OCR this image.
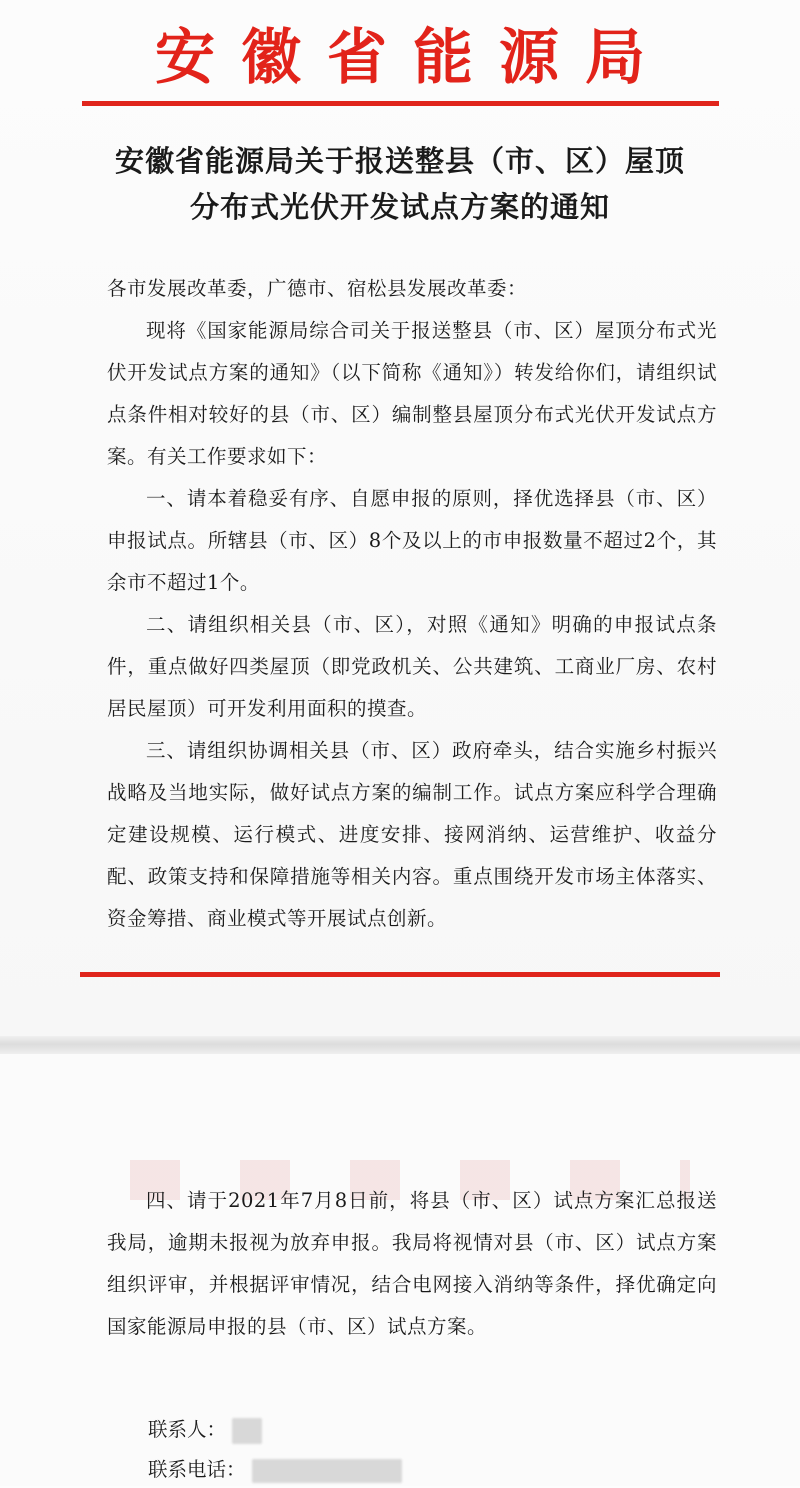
安徽省能源局
安徽省能源局关于报送整县（市、区）屋顶
分布式光伏开发试点方案的通知

各市发展改革委，广德市、宿松县发展改革委：

现将《国家能源局综合司关于报送整县（市、区）屋顶分布式光伏开发试点方案的通知》（以下简称《通知》）转发给你们，请组织试点条件相对较好的县（市、区）编制整县屋顶分布式光伏开发试点方案。有关工作要求如下：

一、请本着稳妥有序、自愿申报的原则，择优选择县（市、区）申报试点。所辖县（市、区）8个及以上的市申报数量不超过2个，其余市不超过1个。

二、请组织相关县（市、区），对照《通知》明确的申报试点条件，重点做好四类屋顶（即党政机关、公共建筑、工商业厂房、农村居民屋顶）可开发利用面积的摸查。

三、请组织协调相关县（市、区）政府牵头，结合实施乡村振兴战略及当地实际，做好试点方案的编制工作。试点方案应科学合理确定建设规模、运行模式、进度安排、接网消纳、运营维护、收益分配、政策支持和保障措施等相关内容。重点围绕开发市场主体落实、资金筹措、商业模式等开展试点创新。

四、请于2021年7月8日前，将县（市、区）试点方案汇总报送我局，逾期未报视为放弃申报。我局将视情对县（市、区）试点方案组织评审，并根据评审情况，结合电网接入消纳等条件，择优确定向国家能源局申报的县（市、区）试点方案。

联系人：
联系电话：
